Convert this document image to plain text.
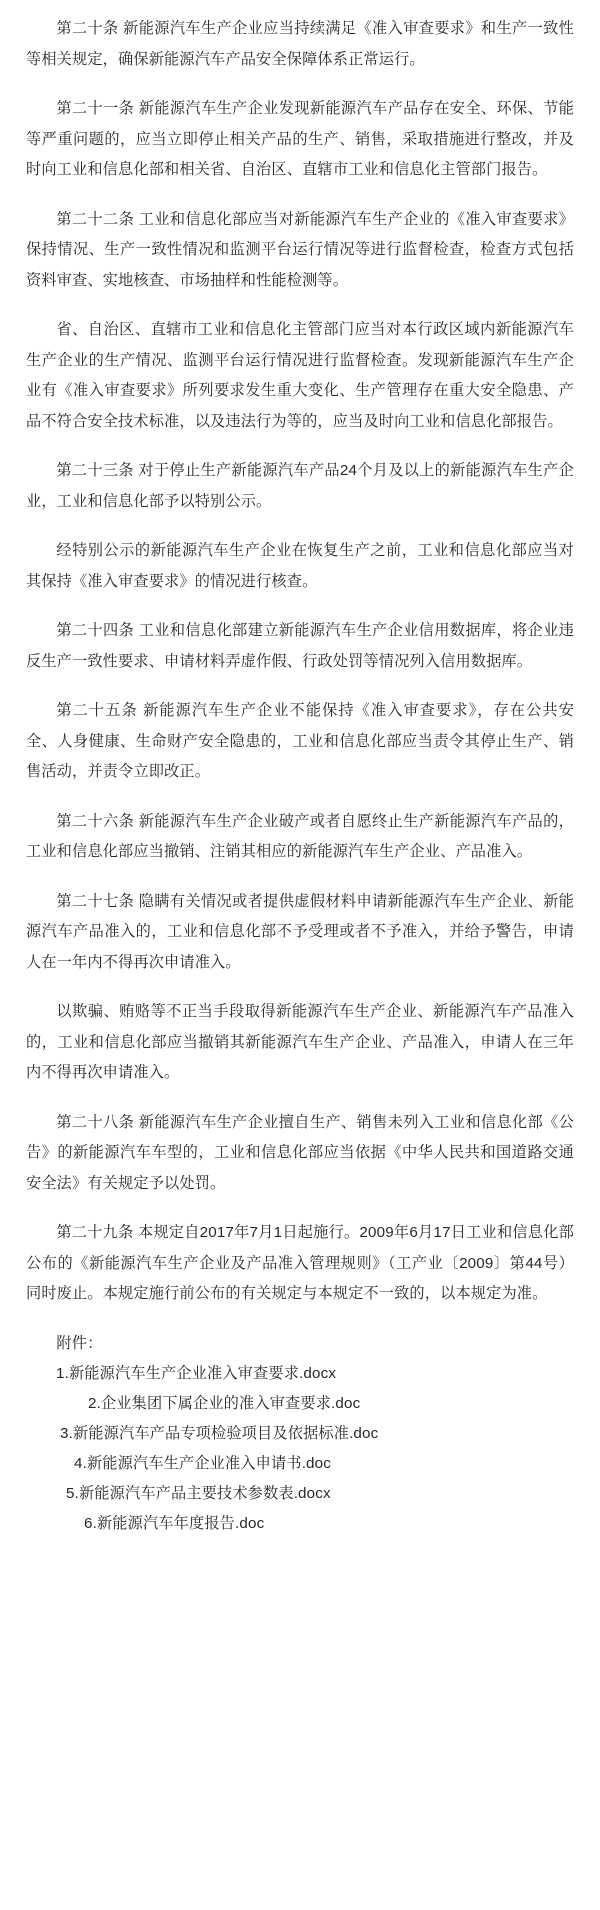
第二十条 新能源汽车生产企业应当持续满足《准入审查要求》和生产一致性等相关规定，确保新能源汽车产品安全保障体系正常运行。

第二十一条 新能源汽车生产企业发现新能源汽车产品存在安全、环保、节能等严重问题的，应当立即停止相关产品的生产、销售，采取措施进行整改，并及时向工业和信息化部和相关省、自治区、直辖市工业和信息化主管部门报告。

第二十二条 工业和信息化部应当对新能源汽车生产企业的《准入审查要求》保持情况、生产一致性情况和监测平台运行情况等进行监督检查，检查方式包括资料审查、实地核查、市场抽样和性能检测等。

省、自治区、直辖市工业和信息化主管部门应当对本行政区域内新能源汽车生产企业的生产情况、监测平台运行情况进行监督检查。发现新能源汽车生产企业有《准入审查要求》所列要求发生重大变化、生产管理存在重大安全隐患、产品不符合安全技术标准，以及违法行为等的，应当及时向工业和信息化部报告。

第二十三条 对于停止生产新能源汽车产品24个月及以上的新能源汽车生产企业，工业和信息化部予以特别公示。

经特别公示的新能源汽车生产企业在恢复生产之前，工业和信息化部应当对其保持《准入审查要求》的情况进行核查。

第二十四条 工业和信息化部建立新能源汽车生产企业信用数据库，将企业违反生产一致性要求、申请材料弄虚作假、行政处罚等情况列入信用数据库。

第二十五条 新能源汽车生产企业不能保持《准入审查要求》，存在公共安全、人身健康、生命财产安全隐患的，工业和信息化部应当责令其停止生产、销售活动，并责令立即改正。

第二十六条 新能源汽车生产企业破产或者自愿终止生产新能源汽车产品的，工业和信息化部应当撤销、注销其相应的新能源汽车生产企业、产品准入。

第二十七条 隐瞒有关情况或者提供虚假材料申请新能源汽车生产企业、新能源汽车产品准入的，工业和信息化部不予受理或者不予准入，并给予警告，申请人在一年内不得再次申请准入。

以欺骗、贿赂等不正当手段取得新能源汽车生产企业、新能源汽车产品准入的，工业和信息化部应当撤销其新能源汽车生产企业、产品准入，申请人在三年内不得再次申请准入。

第二十八条 新能源汽车生产企业擅自生产、销售未列入工业和信息化部《公告》的新能源汽车车型的，工业和信息化部应当依据《中华人民共和国道路交通安全法》有关规定予以处罚。

第二十九条 本规定自2017年7月1日起施行。2009年6月17日工业和信息化部公布的《新能源汽车生产企业及产品准入管理规则》（工产业〔2009〕第44号）同时废止。本规定施行前公布的有关规定与本规定不一致的，以本规定为准。

附件：

1.新能源汽车生产企业准入审查要求.docx
2.企业集团下属企业的准入审查要求.doc
3.新能源汽车产品专项检验项目及依据标准.doc
4.新能源汽车生产企业准入申请书.doc
5.新能源汽车产品主要技术参数表.docx
6.新能源汽车年度报告.doc
